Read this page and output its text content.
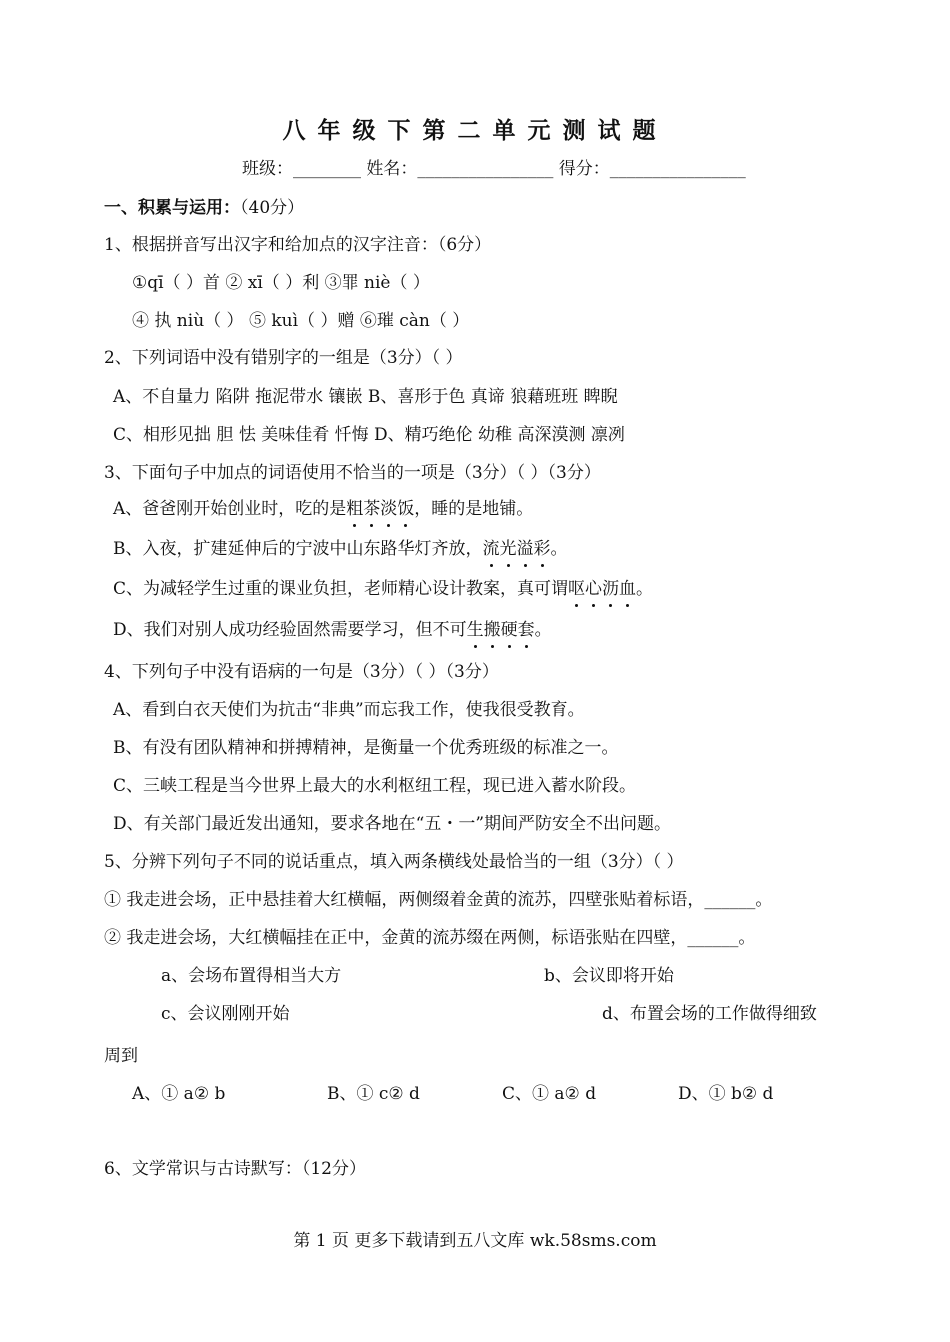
八年级下第二单元测试题
班级：________ 姓名：________________ 得分：________________
一、积累与运用：（40分）
1、根据拼音写出汉字和给加点的汉字注音：（6分）
①qī（ ）首 ② xī（ ）利 ③罪 niè（ ）
④ 执 niù（ ） ⑤ kuì（ ）赠 ⑥璀 càn（ ）
2、下列词语中没有错别字的一组是（3分）（ ）
A、不自量力 陷阱 拖泥带水 镶嵌 B、喜形于色 真谛 狼藉班班 睥睨
C、相形见拙 胆 怯 美味佳肴 忏悔 D、精巧绝伦 幼稚 高深漠测 凛冽
3、下面句子中加点的词语使用不恰当的一项是（3分）（ ）（3分）
A、爸爸刚开始创业时，吃的是粗茶淡饭，睡的是地铺。
B、入夜，扩建延伸后的宁波中山东路华灯齐放，流光溢彩。
C、为减轻学生过重的课业负担，老师精心设计教案，真可谓呕心沥血。
D、我们对别人成功经验固然需要学习，但不可生搬硬套。
4、下列句子中没有语病的一句是（3分）（ ）（3分）
A、看到白衣天使们为抗击“非典”而忘我工作，使我很受教育。
B、有没有团队精神和拼搏精神，是衡量一个优秀班级的标准之一。
C、三峡工程是当今世界上最大的水利枢纽工程，现已进入蓄水阶段。
D、有关部门最近发出通知，要求各地在“五・一”期间严防安全不出问题。
5、分辨下列句子不同的说话重点，填入两条横线处最恰当的一组（3分）（ ）
① 我走进会场，正中悬挂着大红横幅，两侧缀着金黄的流苏，四壁张贴着标语，______。
② 我走进会场，大红横幅挂在正中，金黄的流苏缀在两侧，标语张贴在四壁，______。
a、会场布置得相当大方	b、会议即将开始
c、会议刚刚开始	d、布置会场的工作做得细致
周到
A、① a② b	B、① c② d	C、① a② d	D、① b② d
6、文学常识与古诗默写：（12分）
第 1 页 更多下载请到五八文库 wk.58sms.com
